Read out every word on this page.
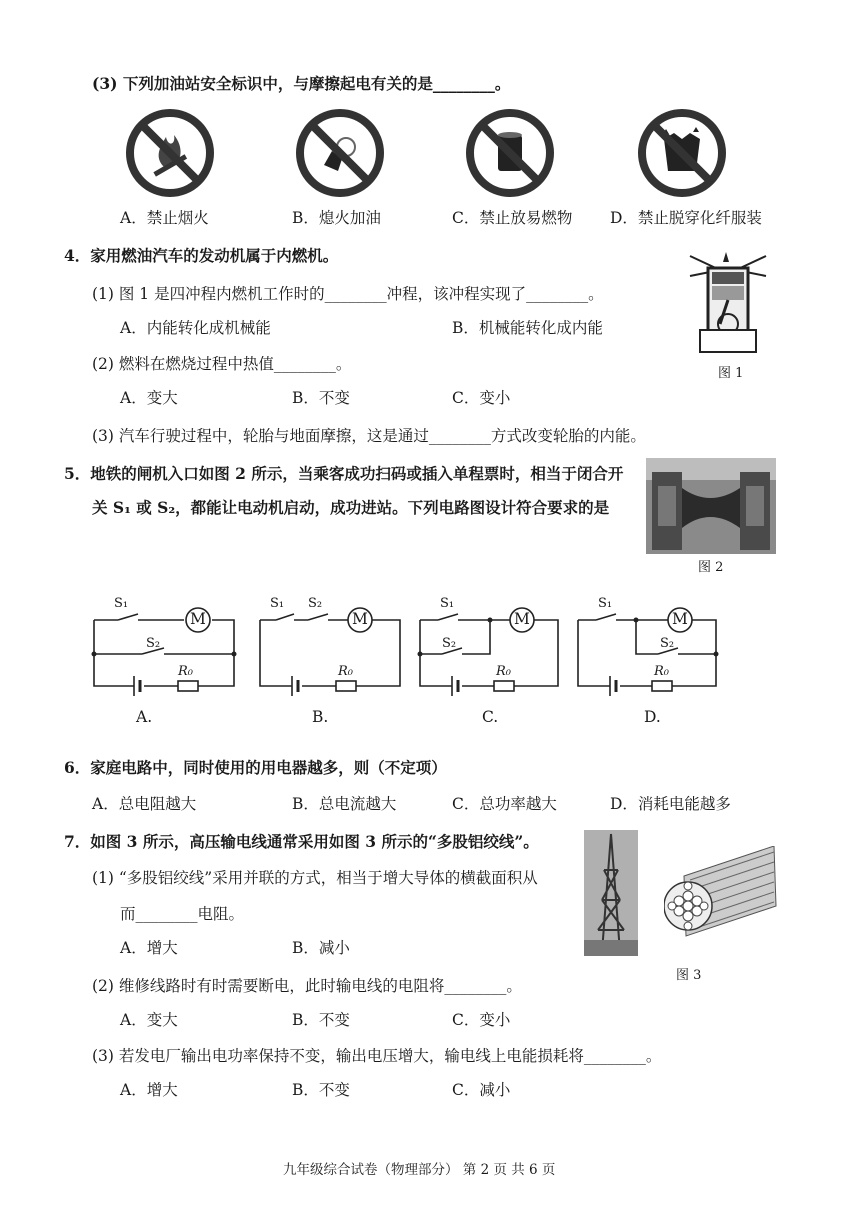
(3) 下列加油站安全标识中，与摩擦起电有关的是________。
A．禁止烟火	B．熄火加油	C．禁止放易燃物 D．禁止脱穿化纤服装
4．家用燃油汽车的发动机属于内燃机。
(1) 图 1 是四冲程内燃机工作时的________冲程，该冲程实现了________。
A．内能转化成机械能	B．机械能转化成内能
(2) 燃料在燃烧过程中热值________。
A．变大	B．不变	C．变小
(3) 汽车行驶过程中，轮胎与地面摩擦，这是通过________方式改变轮胎的内能。
图 1
5．地铁的闸机入口如图 2 所示，当乘客成功扫码或插入单程票时，相当于闭合开
关 S₁ 或 S₂，都能让电动机启动，成功进站。下列电路图设计符合要求的是
图 2
M
S₁
S₂
R₀
A.
M
S₁ S₂
R₀
B.
M
S₁
S₂
R₀
C.
M
S₁
S₂
R₀
D.
6．家庭电路中，同时使用的用电器越多，则（不定项）
A．总电阻越大	B．总电流越大	C．总功率越大	D．消耗电能越多
7．如图 3 所示，高压输电线通常采用如图 3 所示的“多股铝绞线”。
(1) “多股铝绞线”采用并联的方式，相当于增大导体的横截面积从
而________电阻。
A．增大	B．减小
(2) 维修线路时有时需要断电，此时输电线的电阻将________。
A．变大	B．不变	C．变小
(3) 若发电厂输出电功率保持不变，输出电压增大，输电线上电能损耗将________。
A．增大	B．不变	C．减小
图 3
九年级综合试卷（物理部分） 第 2 页 共 6 页
